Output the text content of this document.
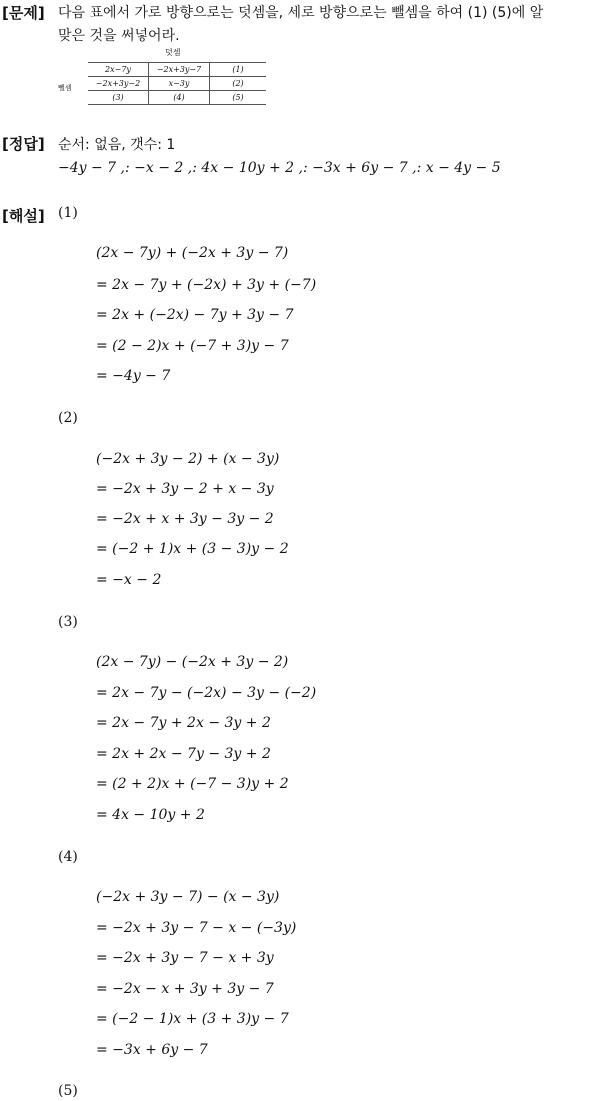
[문제] 다음 표에서 가로 방향으로는 덧셈을, 세로 방향으로는 뺄셈을 하여 (1) (5)에 알
맞은 것을 써넣어라.
덧셈
뺄셈
2x−7y	−2x+3y−7	(1)
−2x+3y−2	x−3y	(2)
(3)	(4)	(5)
[정답] 순서: 없음, 갯수: 1
−4y − 7 ,: −x − 2 ,: 4x − 10y + 2 ,: −3x + 6y − 7 ,: x − 4y − 5
[해설] (1)
(2x − 7y) + (−2x + 3y − 7)
= 2x − 7y + (−2x) + 3y + (−7)
= 2x + (−2x) − 7y + 3y − 7
= (2 − 2)x + (−7 + 3)y − 7
= −4y − 7
(2)
(−2x + 3y − 2) + (x − 3y)
= −2x + 3y − 2 + x − 3y
= −2x + x + 3y − 3y − 2
= (−2 + 1)x + (3 − 3)y − 2
= −x − 2
(3)
(2x − 7y) − (−2x + 3y − 2)
= 2x − 7y − (−2x) − 3y − (−2)
= 2x − 7y + 2x − 3y + 2
= 2x + 2x − 7y − 3y + 2
= (2 + 2)x + (−7 − 3)y + 2
= 4x − 10y + 2
(4)
(−2x + 3y − 7) − (x − 3y)
= −2x + 3y − 7 − x − (−3y)
= −2x + 3y − 7 − x + 3y
= −2x − x + 3y + 3y − 7
= (−2 − 1)x + (3 + 3)y − 7
= −3x + 6y − 7
(5)
